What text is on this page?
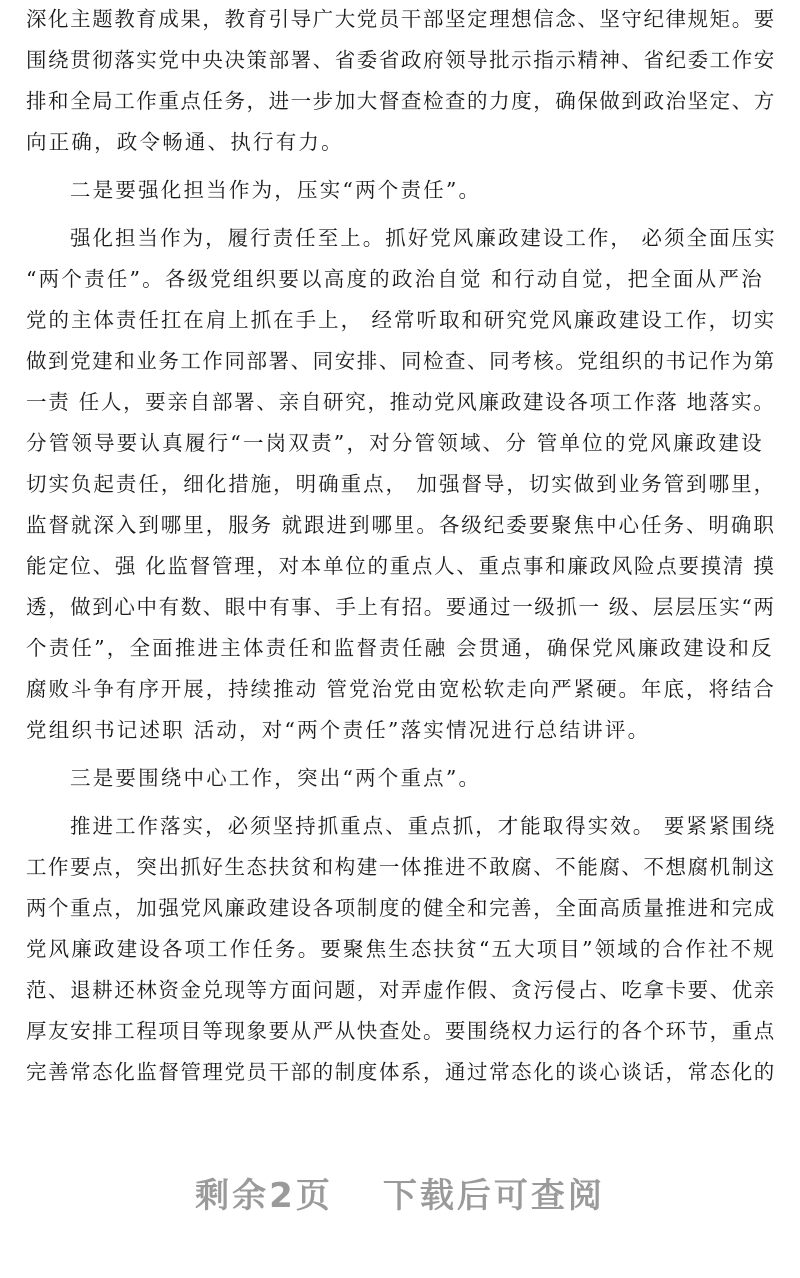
深化主题教育成果，教育引导广大党员干部坚定理想信念、坚守纪律规矩。要
围绕贯彻落实党中央决策部署、省委省政府领导批示指示精神、省纪委工作安
排和全局工作重点任务，进一步加大督查检查的力度，确保做到政治坚定、方
向正确，政令畅通、执行有力。
二是要强化担当作为，压实“两个责任”。
强化担当作为，履行责任至上。抓好党风廉政建设工作， 必须全面压实
“两个责任”。各级党组织要以高度的政治自觉 和行动自觉，把全面从严治
党的主体责任扛在肩上抓在手上， 经常听取和研究党风廉政建设工作，切实
做到党建和业务工作同部署、同安排、同检查、同考核。党组织的书记作为第
一责 任人，要亲自部署、亲自研究，推动党风廉政建设各项工作落 地落实。
分管领导要认真履行“一岗双责”，对分管领域、分 管单位的党风廉政建设
切实负起责任，细化措施，明确重点， 加强督导，切实做到业务管到哪里，
监督就深入到哪里，服务 就跟进到哪里。各级纪委要聚焦中心任务、明确职
能定位、强 化监督管理，对本单位的重点人、重点事和廉政风险点要摸清 摸
透，做到心中有数、眼中有事、手上有招。要通过一级抓一 级、层层压实“两
个责任”，全面推进主体责任和监督责任融 会贯通，确保党风廉政建设和反
腐败斗争有序开展，持续推动 管党治党由宽松软走向严紧硬。年底，将结合
党组织书记述职 活动，对“两个责任”落实情况进行总结讲评。
三是要围绕中心工作，突出“两个重点”。
推进工作落实，必须坚持抓重点、重点抓，才能取得实效。 要紧紧围绕
工作要点，突出抓好生态扶贫和构建一体推进不敢腐、不能腐、不想腐机制这
两个重点，加强党风廉政建设各项制度的健全和完善，全面高质量推进和完成
党风廉政建设各项工作任务。要聚焦生态扶贫“五大项目”领域的合作社不规
范、退耕还林资金兑现等方面问题，对弄虚作假、贪污侵占、吃拿卡要、优亲
厚友安排工程项目等现象要从严从快查处。要围绕权力运行的各个环节，重点
完善常态化监督管理党员干部的制度体系，通过常态化的谈心谈话，常态化的
剩余2页 下载后可查阅
